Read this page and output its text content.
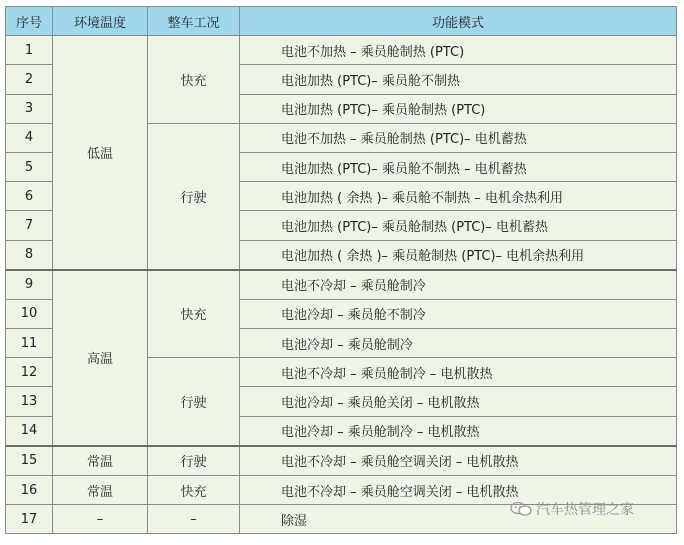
序号	环境温度	整车工况	功能模式
1	低温	快充	电池不加热 – 乘员舱制热 (PTC)
2			电池加热 (PTC)– 乘员舱不制热
3			电池加热 (PTC)– 乘员舱制热 (PTC)
4		行驶	电池不加热 – 乘员舱制热 (PTC)– 电机蓄热
5			电池加热 (PTC)– 乘员舱不制热 – 电机蓄热
6			电池加热 ( 余热 )– 乘员舱不制热 – 电机余热利用
7			电池加热 (PTC)– 乘员舱制热 (PTC)– 电机蓄热
8			电池加热 ( 余热 )– 乘员舱制热 (PTC)– 电机余热利用
9	高温	快充	电池不冷却 – 乘员舱制冷
10			电池冷却 – 乘员舱不制冷
11			电池冷却 – 乘员舱制冷
12		行驶	电池不冷却 – 乘员舱制冷 – 电机散热
13			电池冷却 – 乘员舱关闭 – 电机散热
14			电池冷却 – 乘员舱制冷 – 电机散热
15	常温	行驶	电池不冷却 – 乘员舱空调关闭 – 电机散热
16	常温	快充	电池不冷却 – 乘员舱空调关闭 – 电机散热
17	–	–	除湿
汽车热管理之家
